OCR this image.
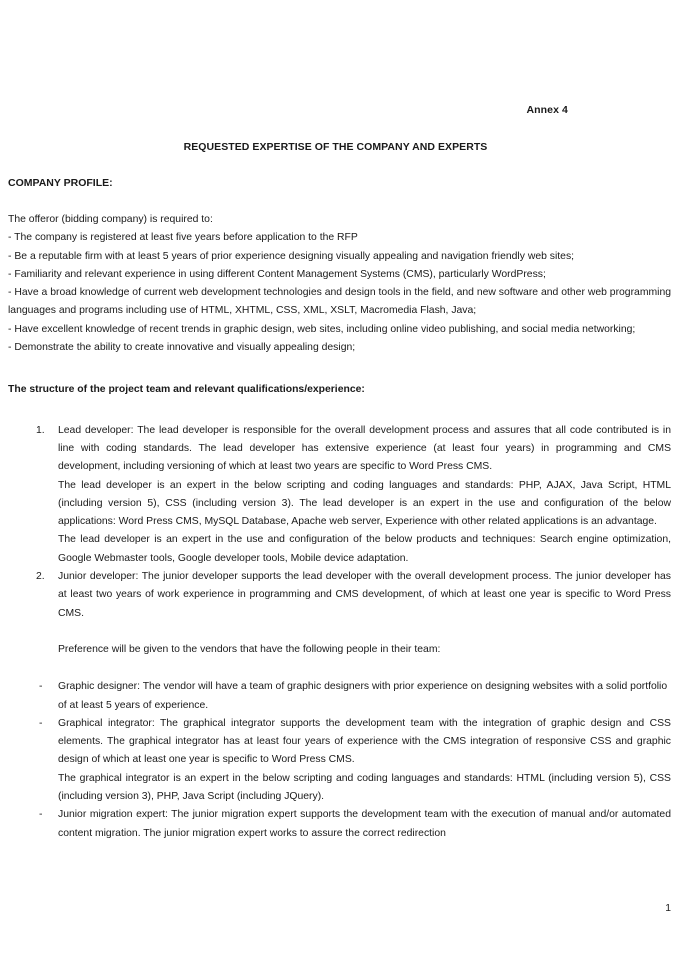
Annex 4
REQUESTED EXPERTISE OF THE COMPANY AND EXPERTS
COMPANY PROFILE:

The offeror (bidding company) is required to:

- The company is registered at least five years before application to the RFP

- Be a reputable firm with at least 5 years of prior experience designing visually appealing and navigation friendly web sites;

- Familiarity and relevant experience in using different Content Management Systems (CMS), particularly WordPress;

- Have a broad knowledge of current web development technologies and design tools in the field, and new software and other web programming languages and programs including use of HTML, XHTML, CSS, XML, XSLT, Macromedia Flash, Java;

- Have excellent knowledge of recent trends in graphic design, web sites, including online video publishing, and social media networking;

- Demonstrate the ability to create innovative and visually appealing design;

The structure of the project team and relevant qualifications/experience:
1.	Lead developer: The lead developer is responsible for the overall development process and assures that all code contributed is in line with coding standards. The lead developer has extensive experience (at least four years) in programming and CMS development, including versioning of which at least two years are specific to Word Press CMS.

The lead developer is an expert in the below scripting and coding languages and standards: PHP, AJAX, Java Script, HTML (including version 5), CSS (including version 3). The lead developer is an expert in the use and configuration of the below applications: Word Press CMS, MySQL Database, Apache web server, Experience with other related applications is an advantage.

The lead developer is an expert in the use and configuration of the below products and techniques: Search engine optimization, Google Webmaster tools, Google developer tools, Mobile device adaptation.

2.	Junior developer: The junior developer supports the lead developer with the overall development process. The junior developer has at least two years of work experience in programming and CMS development, of which at least one year is specific to Word Press CMS.

Preference will be given to the vendors that have the following people in their team:
- Graphic designer: The vendor will have a team of graphic designers with prior experience on designing websites with a solid portfolio of at least 5 years of experience.

- Graphical integrator: The graphical integrator supports the development team with the integration of graphic design and CSS elements. The graphical integrator has at least four years of experience with the CMS integration of responsive CSS and graphic design of which at least one year is specific to Word Press CMS.

The graphical integrator is an expert in the below scripting and coding languages and standards: HTML (including version 5), CSS (including version 3), PHP, Java Script (including JQuery).

- Junior migration expert: The junior migration expert supports the development team with the execution of manual and/or automated content migration. The junior migration expert works to assure the correct redirection

1
